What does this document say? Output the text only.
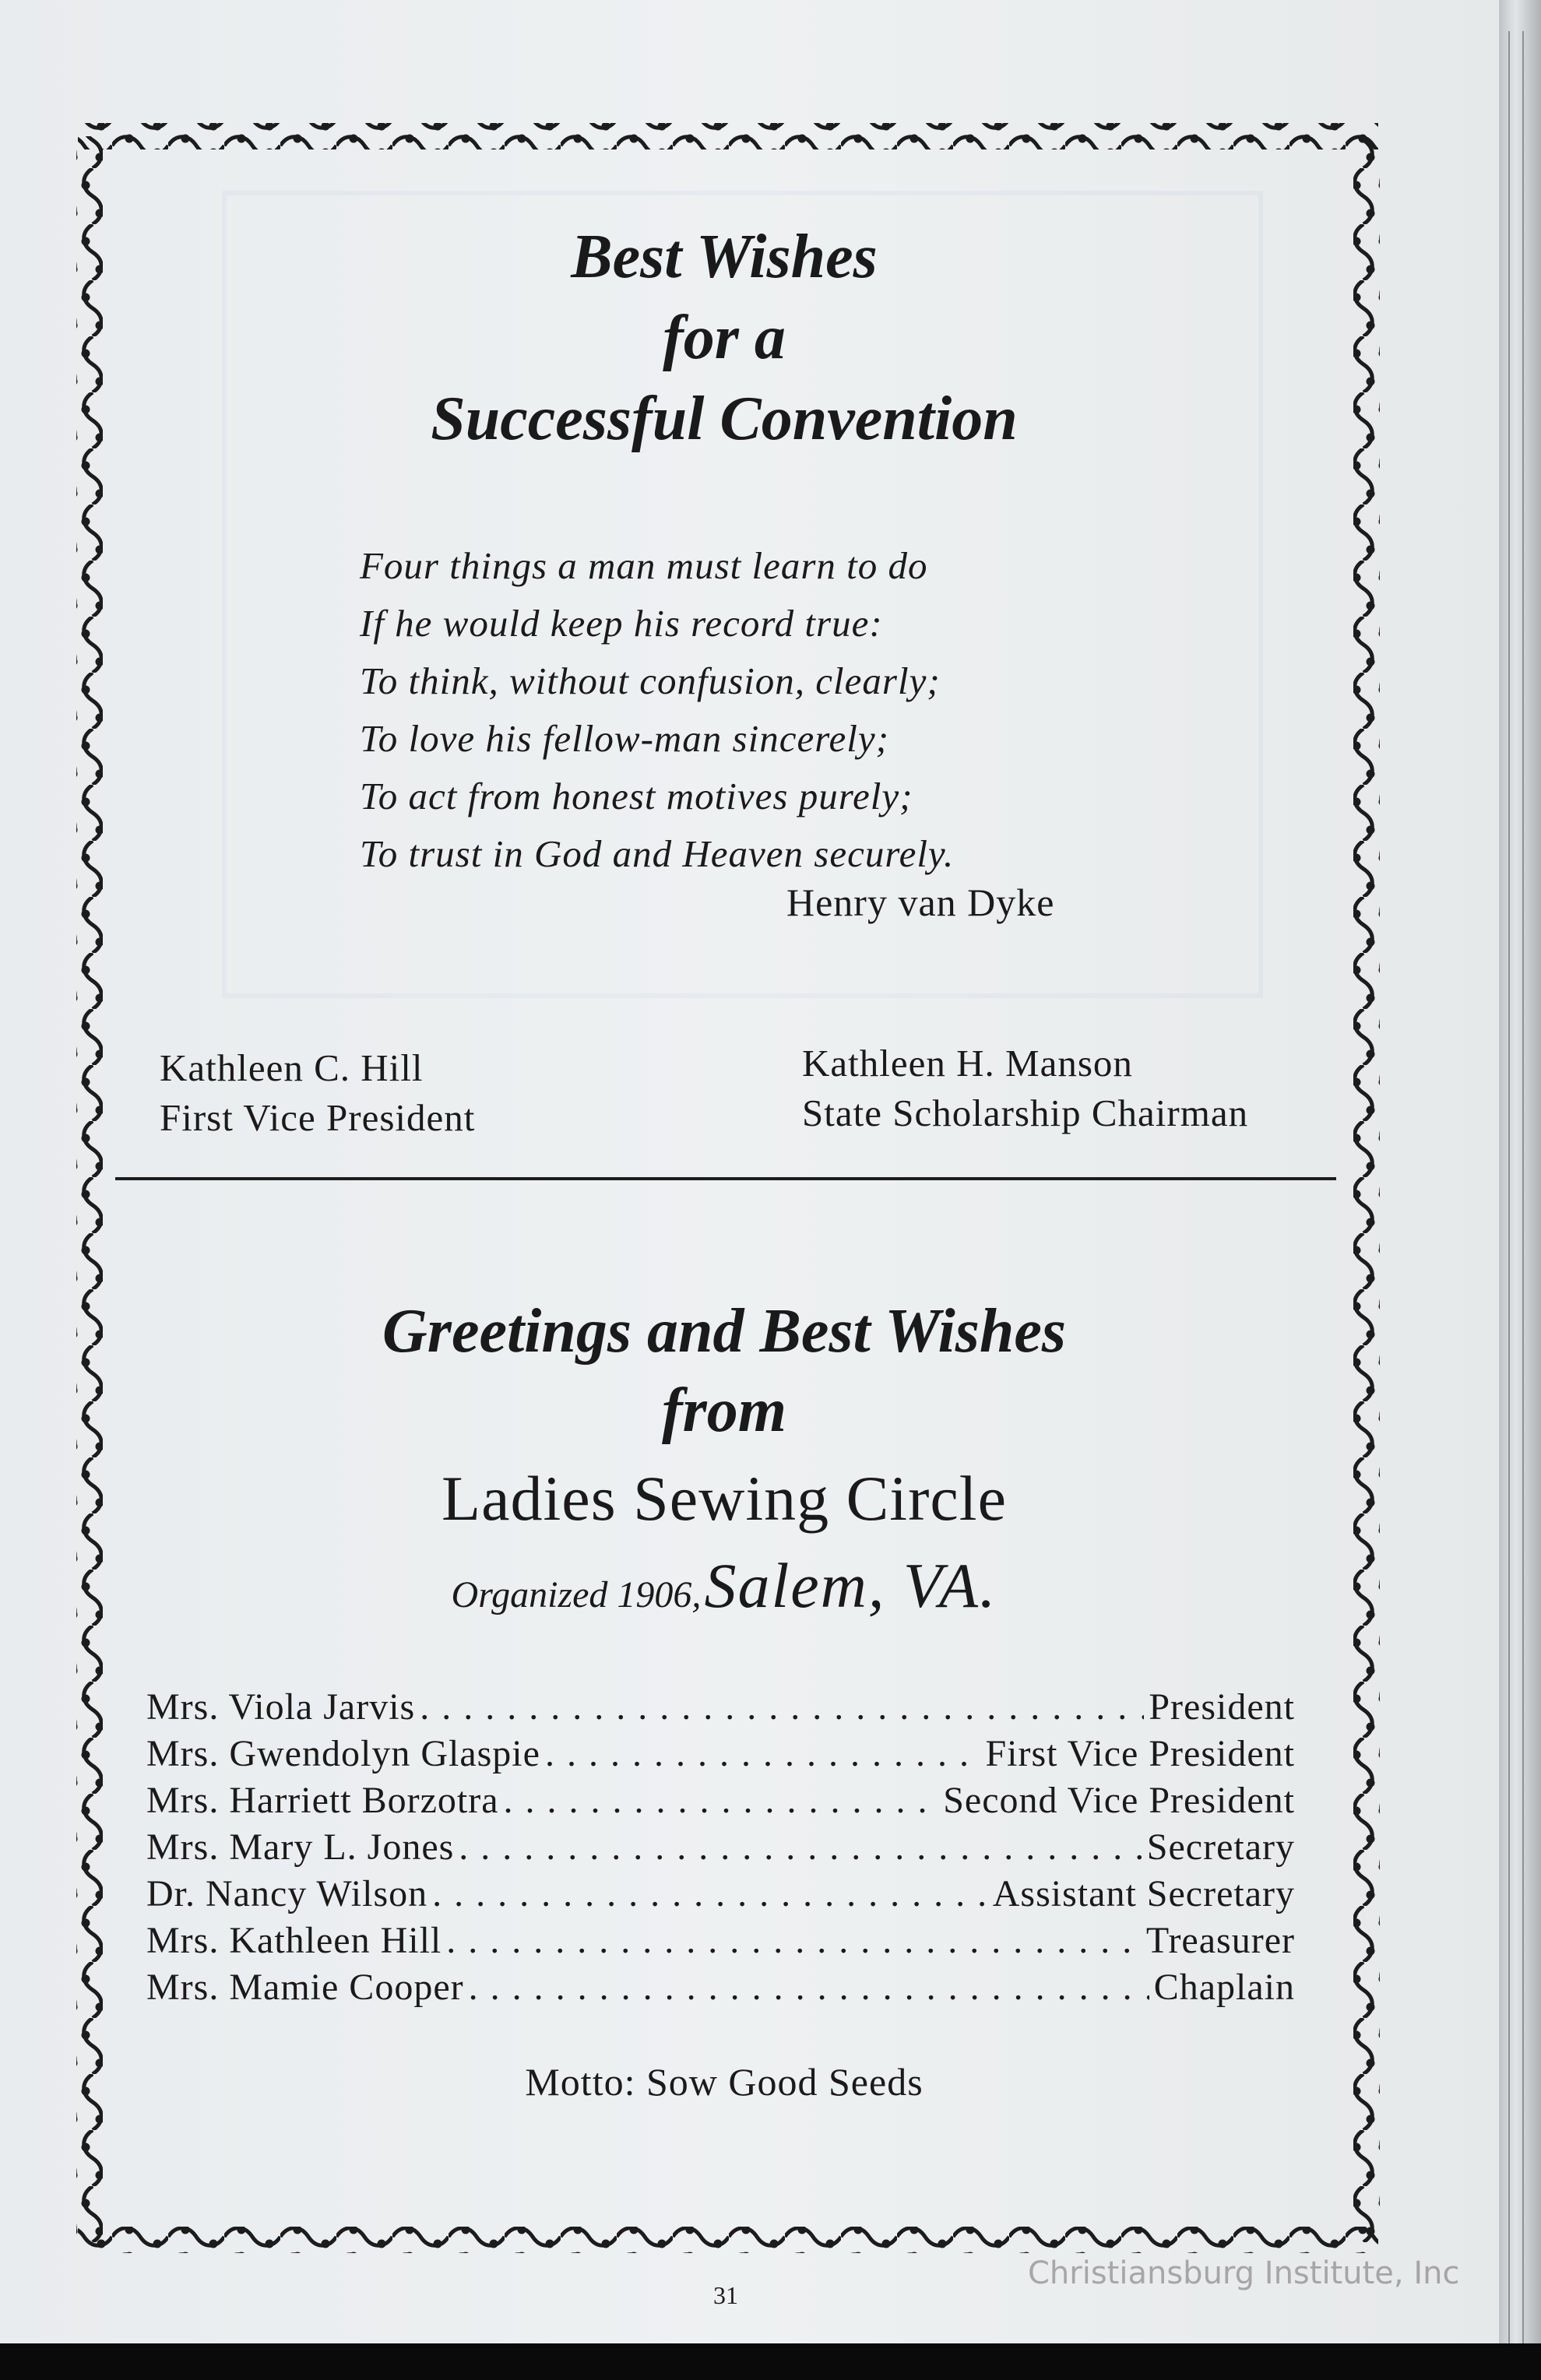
Best Wishes
for a
Successful Convention
Four things a man must learn to do
If he would keep his record true:
To think, without confusion, clearly;
To love his fellow-man sincerely;
To act from honest motives purely;
To trust in God and Heaven securely.
Henry van Dyke
Kathleen C. Hill
First Vice President
Kathleen H. Manson
State Scholarship Chairman
Greetings and Best Wishes
from
Ladies Sewing Circle
Organized 1906, Salem, VA.
Mrs. Viola Jarvis . . .	President
Mrs. Gwendolyn Glaspie . . .	First Vice President
Mrs. Harriett Borzotra . . .	Second Vice President
Mrs. Mary L. Jones . . .	Secretary
Dr. Nancy Wilson . . .	Assistant Secretary
Mrs. Kathleen Hill . . .	Treasurer
Mrs. Mamie Cooper . . .	Chaplain
Motto: Sow Good Seeds
31
Christiansburg Institute, Inc
